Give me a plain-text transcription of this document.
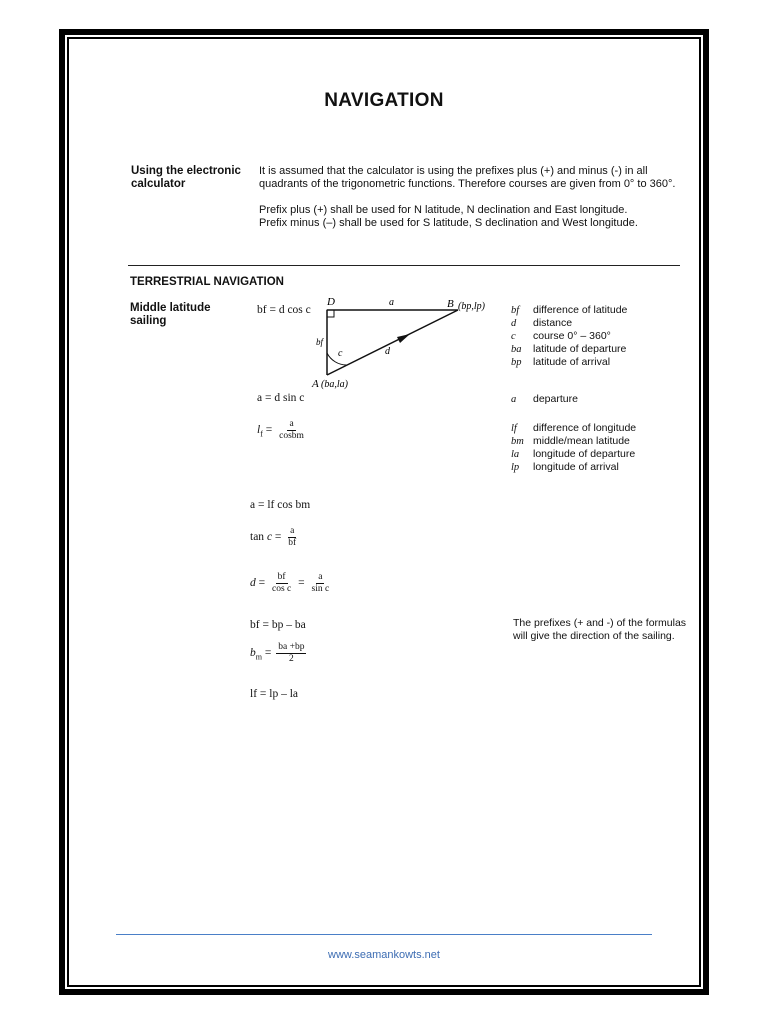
NAVIGATION
Using the electronic calculator
It is assumed that the calculator is using the prefixes plus (+) and minus (-) in all quadrants of the trigonometric functions. Therefore courses are given from 0° to 360°.
Prefix plus (+) shall be used for N latitude, N declination and East longitude.
Prefix minus (–) shall be used for S latitude, S declination and West longitude.
TERRESTRIAL NAVIGATION
Middle latitude sailing
D	a	B (bp,lp)
bf
c	d
A (ba,la)
bf = d cos c
a = d sin c
$l_f = \frac{a}{\text{cosbm}}$
a = lf cos bm
$\tan c = \frac{a}{bf}$
$d = \frac{bf}{\text{cos c}} = \frac{a}{\text{sin c}}$
bf = bp – ba
$b_m = \frac{ba +bp}{2}$
lf = lp – la
bf difference of latitude
d distance
c course 0° – 360°
ba latitude of departure
bp latitude of arrival
a departure
lf difference of longitude
bm middle/mean latitude
la longitude of departure
lp longitude of arrival
The prefixes (+ and -) of the formulas will give the direction of the sailing.
www.seamankowts.net
